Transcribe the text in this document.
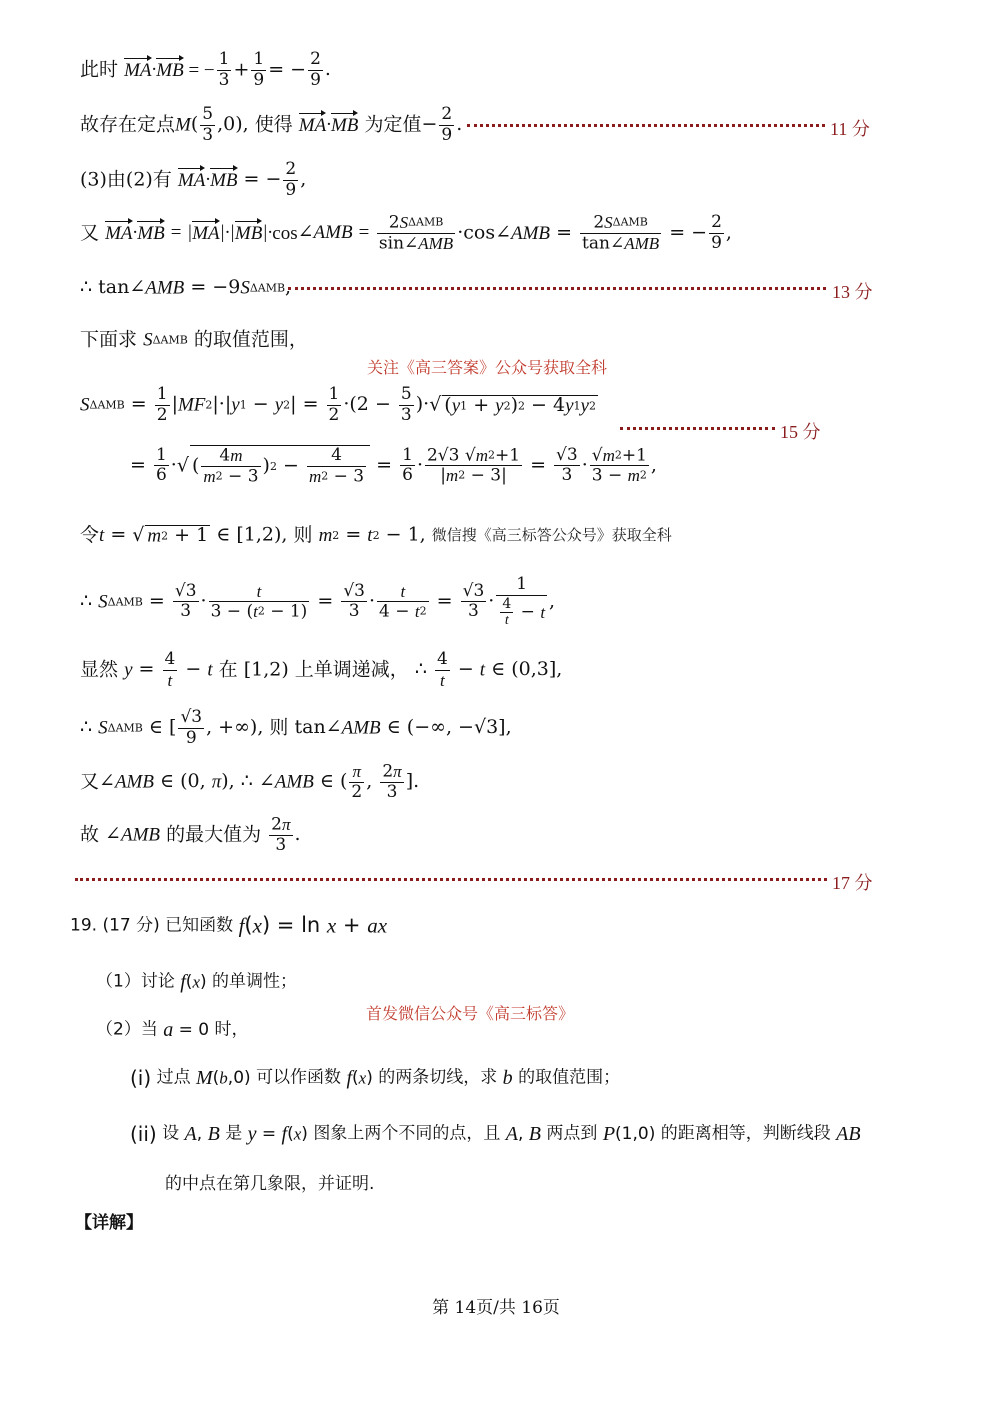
此时 MA·MB = − $\frac{1}{3} + \frac{1}{9}$ = − $\frac{2}{9}$ .
故存在定点$M( \frac{5}{3} ,0)$, 使得 MA·MB 为定值− $\frac{2}{9}$ .	11 分
(3)由(2)有 MA·MB = − $\frac{2}{9}$ ,
又 MA·MB = |MA|·|MB|·cos∠AMB = $\frac{\text{2SΔAMB}}{\text{sin∠AMB}}$ ·cos∠AMB = $\frac{\text{2SΔAMB}}{\text{tan∠AMB}}$ = − $\frac{2}{9}$ ,
∴ tan∠AMB = −9SΔAMB,	13 分
下面求 SΔAMB 的取值范围，
关注《高三答案》公众号获取全科
$S\Delta AMB = \frac{1}{2} |MF2|\cdot|y1 - y2| = \frac{1}{2} \cdot(2 - \frac{5}{3}$ )·√ (y1 + y2)2 − 4y1y2
15 分
= $\frac{1}{6}$ ·√ ( $\frac{4m}{m2 - 3} )2 - \frac{4}{m2 - 3} = \frac{1}{6} \cdot \frac{2√3 √m2+1}{|m2 - 3|} = \frac{√3}{3} \cdot \frac{√m2+1}{3 - m2}$ ,
令t = √ m2 + 1 ∈ [1,2), 则 m2 = t2 − 1, 微信搜《高三标答公众号》获取全科
∴ $S\Delta AMB = \frac{√3}{3} \cdot \frac{t}{3 - (t2 - 1)} = \frac{√3}{3} \cdot \frac{t}{4 - t2} = \frac{√3}{3} \cdot \frac{1}{\frac{4}{t} - t}$ ,
显然 $y = \frac{4}{t} - t$ 在 [1,2) 上单调递减， ∴ $\frac{4}{t} - t$ ∈ (0,3],
∴ SΔAMB ∈ [ $\frac{√3}{9}$ , +∞), 则 tan∠AMB ∈ (−∞, −√3],
又∠AMB ∈ (0, π), ∴ ∠AMB ∈ ( $\frac{\pi}{2}$ , $\frac{2\pi}{3}$ ].
故 ∠AMB 的最大值为 $\frac{2\pi}{3}$ .
17 分
19. (17 分) 已知函数 f(x) = ln x + ax
（1）讨论 f(x) 的单调性；
首发微信公众号《高三标答》
（2）当 a = 0 时，
(i) 过点 M(b,0) 可以作函数 f(x) 的两条切线，求 b 的取值范围；
(ii) 设 A, B 是 y = f(x) 图象上两个不同的点，且 A, B 两点到 P(1,0) 的距离相等，判断线段 AB
的中点在第几象限，并证明.
【详解】
第 14页/共 16页
